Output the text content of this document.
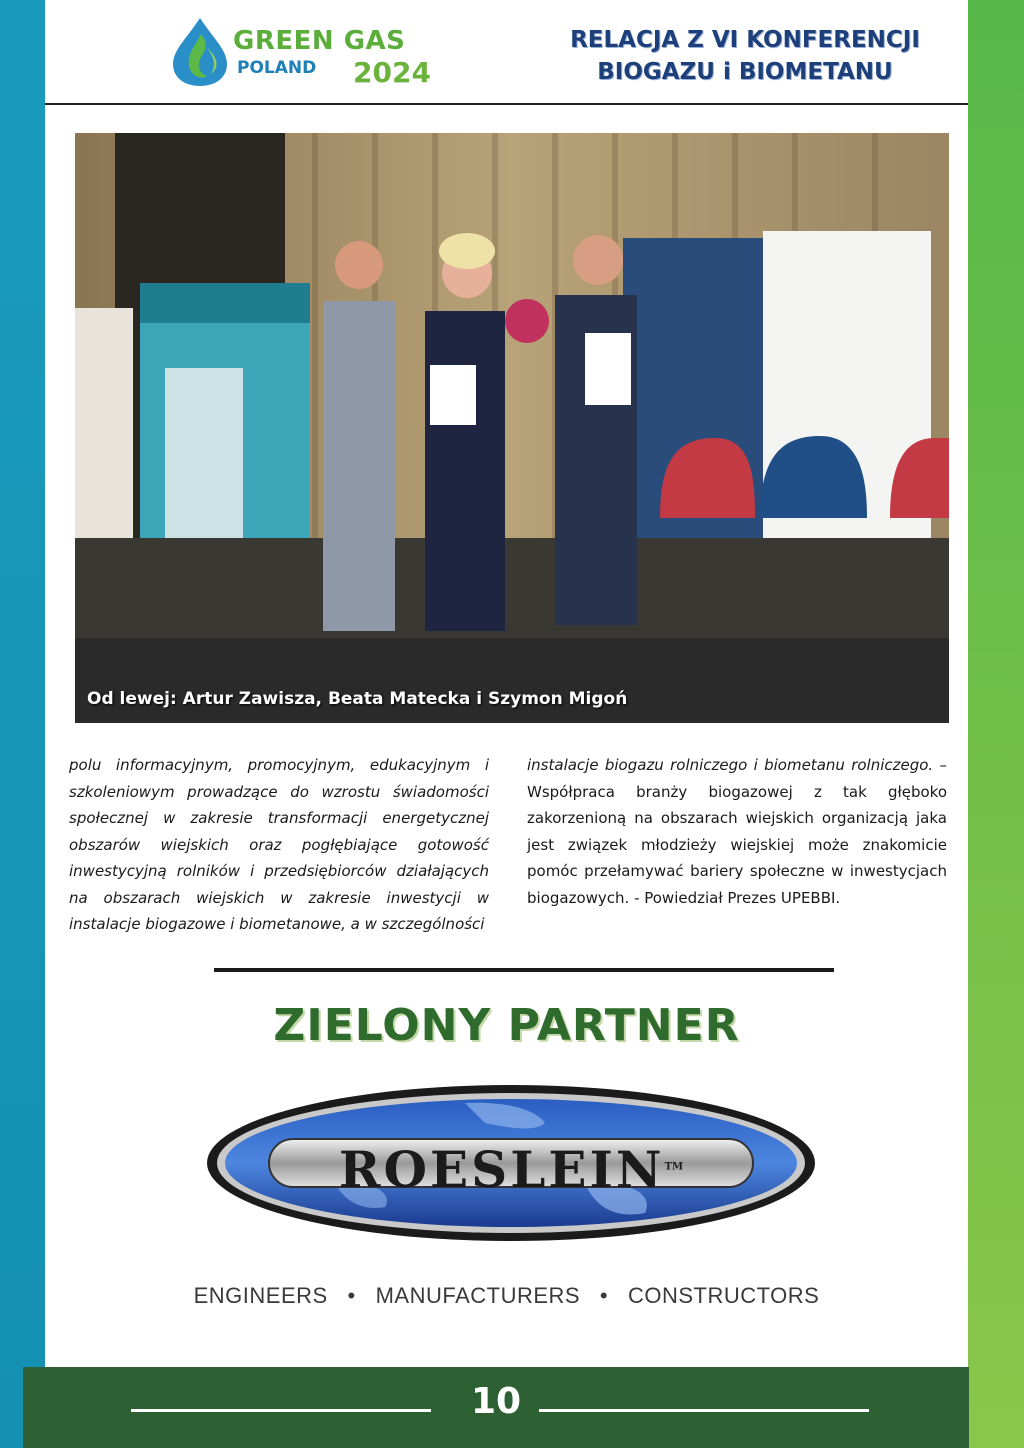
GREEN GAS
POLAND 2024
RELACJA Z VI KONFERENCJI
BIOGAZU i BIOMETANU
Od lewej: Artur Zawisza, Beata Matecka i Szymon Migoń

polu informacyjnym, promocyjnym, edukacyjnym i szkoleniowym prowadzące do wzrostu świadomości społecznej w zakresie transformacji energetycznej obszarów wiejskich oraz pogłębiające gotowość inwestycyjną rolników i przedsiębiorców działających na obszarach wiejskich w zakresie inwestycji w instalacje biogazowe i biometanowe, a w szczególności

instalacje biogazu rolniczego i biometanu rolniczego. – Współpraca branży biogazowej z tak głęboko zakorzenioną na obszarach wiejskich organizacją jaka jest związek młodzieży wiejskiej może znakomicie pomóc przełamywać bariery społeczne w inwestycjach biogazowych. - Powiedział Prezes UPEBBI.

ZIELONY PARTNER
ROESLEIN™
ENGINEERS   •   MANUFACTURERS   •   CONSTRUCTORS
10
